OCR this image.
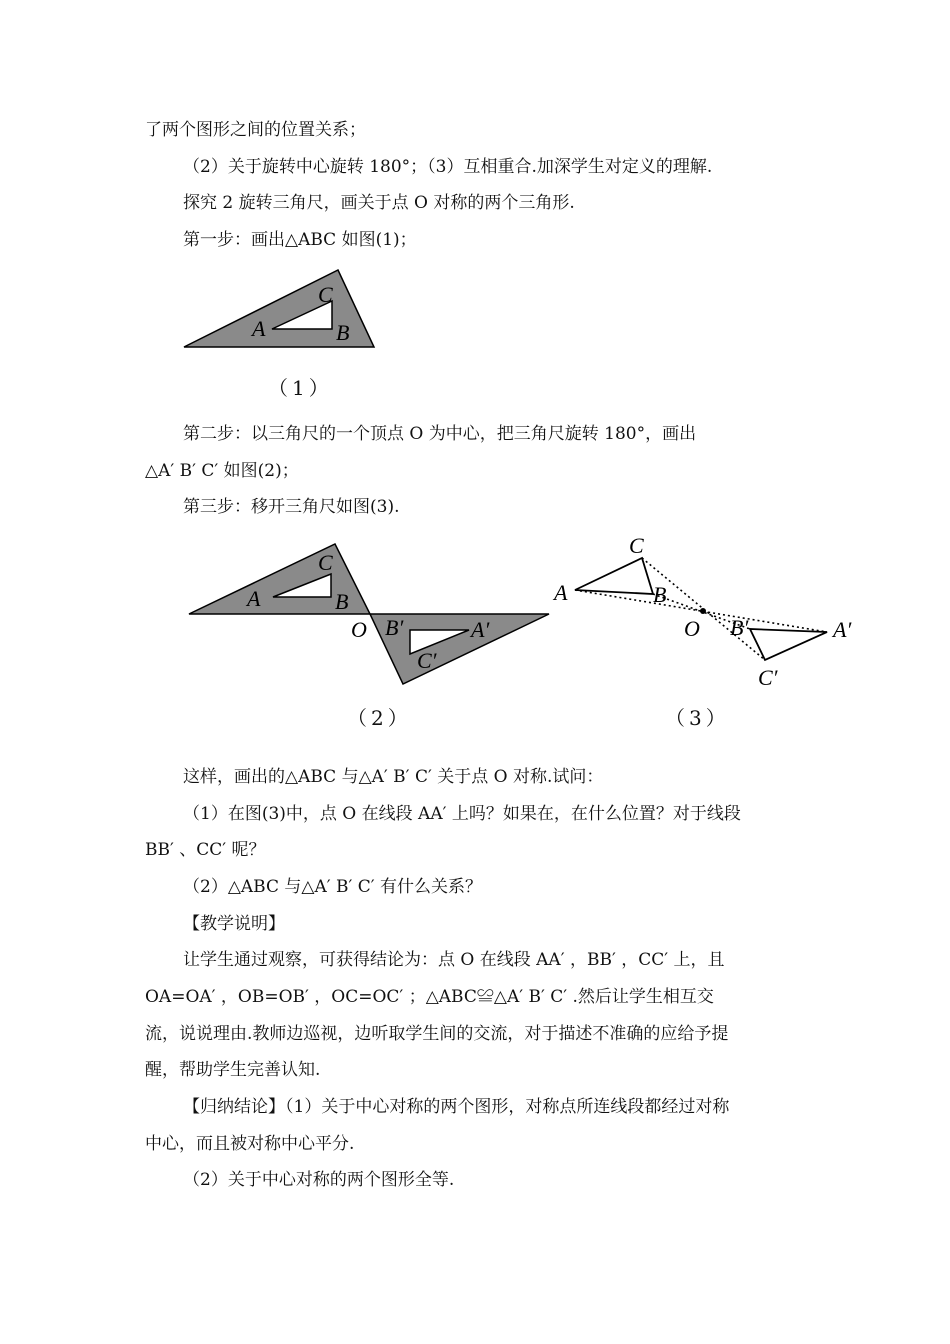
了两个图形之间的位置关系；
（2）关于旋转中心旋转 180°；（3）互相重合.加深学生对定义的理解.
探究 2 旋转三角尺，画关于点 O 对称的两个三角形.
第一步：画出△ABC 如图(1)；
A	B
C
（1）
第二步：以三角尺的一个顶点 O 为中心，把三角尺旋转 180°，画出
△A′ B′ C′ 如图(2)；
第三步：移开三角尺如图(3).
A	B
C
O B′	A′
C′
（2）
A	B
C
O B′	A′
C′
（3）
这样，画出的△ABC 与△A′ B′ C′ 关于点 O 对称.试问：
（1）在图(3)中，点 O 在线段 AA′ 上吗？如果在，在什么位置？对于线段
BB′ 、CC′ 呢？
（2）△ABC 与△A′ B′ C′ 有什么关系？
【教学说明】
让学生通过观察，可获得结论为：点 O 在线段 AA′ ，BB′ ，CC′ 上，且
OA=OA′ ，OB=OB′ ，OC=OC′ ；△ABC≌△A′ B′ C′ .然后让学生相互交
流，说说理由.教师边巡视，边听取学生间的交流，对于描述不准确的应给予提
醒，帮助学生完善认知.
【归纳结论】（1）关于中心对称的两个图形，对称点所连线段都经过对称
中心，而且被对称中心平分.
（2）关于中心对称的两个图形全等.
